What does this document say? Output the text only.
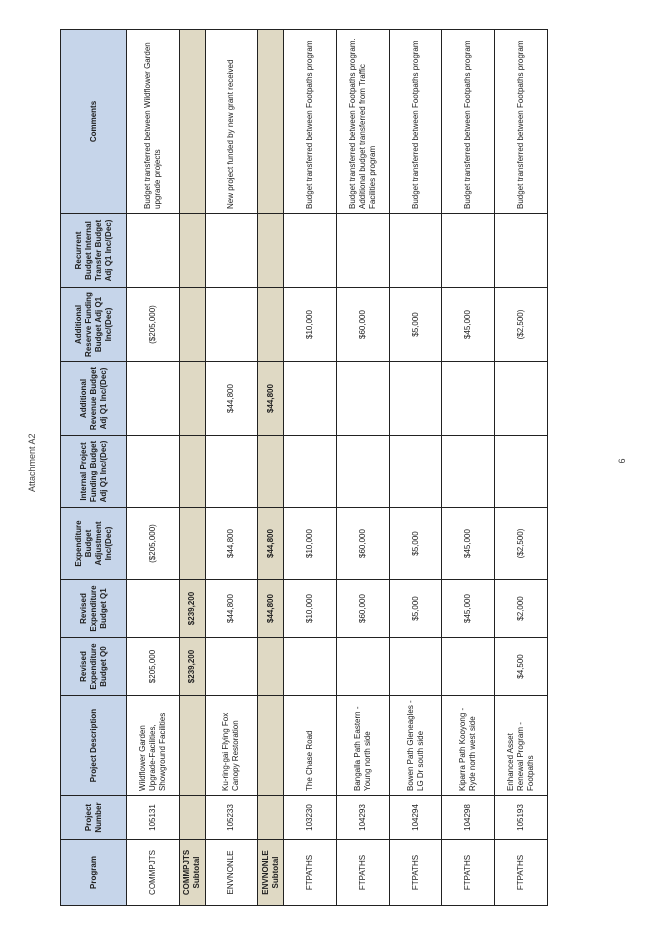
Attachment A2	6
Program	Project Number	Project Description	Revised Expenditure Budget Q0	Revised Expenditure Budget Q1	Expenditure Budget Adjustment Inc/(Dec)	Internal Project Funding Budget Adj Q1 Inc/(Dec)	Additional Revenue Budget Adj Q1 Inc/(Dec)	Additional Reserve Funding Budget Adj Q1 Inc/(Dec)	Recurrent Budget Internal Transfer Budget Adj Q1 Inc/(Dec)	Comments
COMMPJTS	105131	Wildflower Garden Upgrade-Facilities, Showground Facilities	$205,000		($205,000)			($205,000)		Budget transferred between Wildflower Garden upgrade projects
COMMPJTS Subtotal			$239,200	$239,200						
ENVNONLE	105233	Ku-ring-gai Flying Fox Canopy Restoration		$44,800	$44,800		$44,800			New project funded by new grant received
ENVNONLE Subtotal				$44,800	$44,800		$44,800			
FTPATHS	103230	The Chase Road		$10,000	$10,000			$10,000		Budget transferred between Footpaths program
FTPATHS	104293	Bangalla Path Eastern - Young north side		$60,000	$60,000			$60,000		Budget transferred between Footpaths program. Additional budget transferred from Traffic Facilities program
FTPATHS	104294	Bowen Path Gleneagles - LG Dr south side		$5,000	$5,000			$5,000		Budget transferred between Footpaths program
FTPATHS	104298	Kiparra Path Kooyong - Ryde north west side		$45,000	$45,000			$45,000		Budget transferred between Footpaths program
FTPATHS	105193	Enhanced Asset Renewal Program - Footpaths	$4,500	$2,000	($2,500)			($2,500)		Budget transferred between Footpaths program
